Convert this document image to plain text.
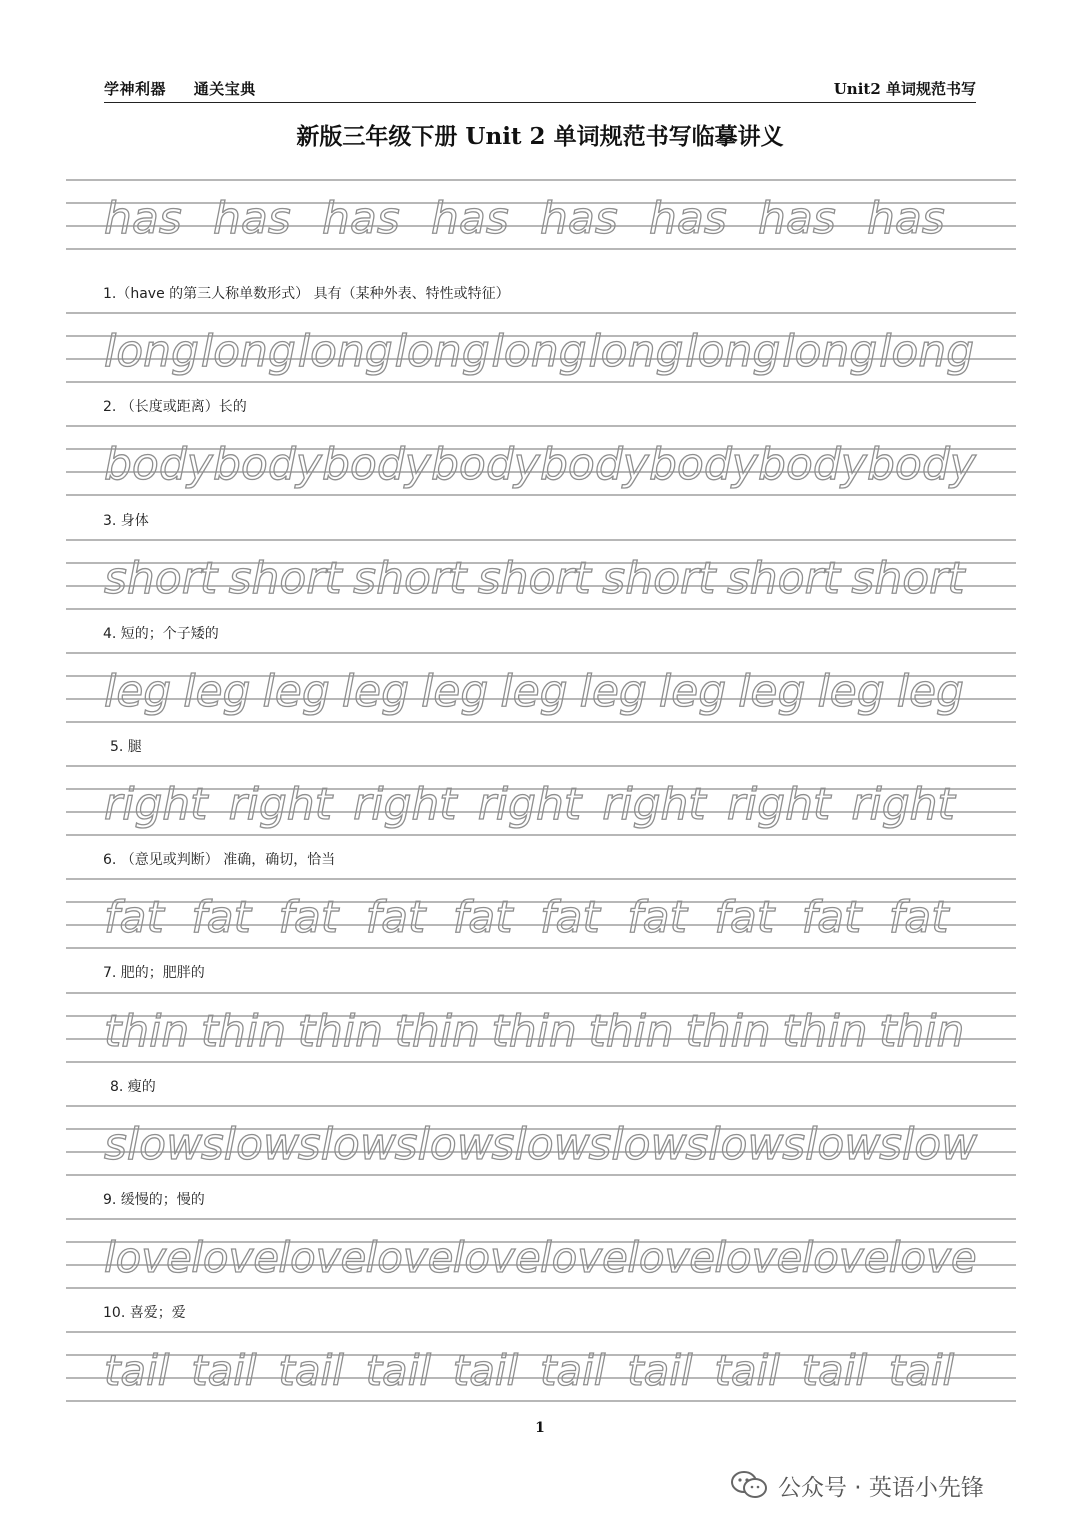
学神利器 通关宝典	Unit2 单词规范书写
新版三年级下册 Unit 2 单词规范书写临摹讲义
1.（have 的第三人称单数形式） 具有（某种外表、特性或特征）
2. （长度或距离）长的
3. 身体
4. 短的；个子矮的
5. 腿
6. （意见或判断） 准确，确切，恰当
7. 肥的；肥胖的
8. 瘦的
9. 缓慢的；慢的
10. 喜爱；爱
has has has has has has has has
long long long long long long long long long
body body body body body body body body
short short short short short short short
leg leg leg leg leg leg leg leg leg leg leg
right right right right right right right
fat fat fat fat fat fat fat fat fat fat
thin thin thin thin thin thin thin thin thin
slow
slow
slow
slow
slow
slow
slow
slow
slow
love love love love love love love love love love
tail tail tail tail tail tail tail tail tail tail
1
公众号 · 英语小先锋
